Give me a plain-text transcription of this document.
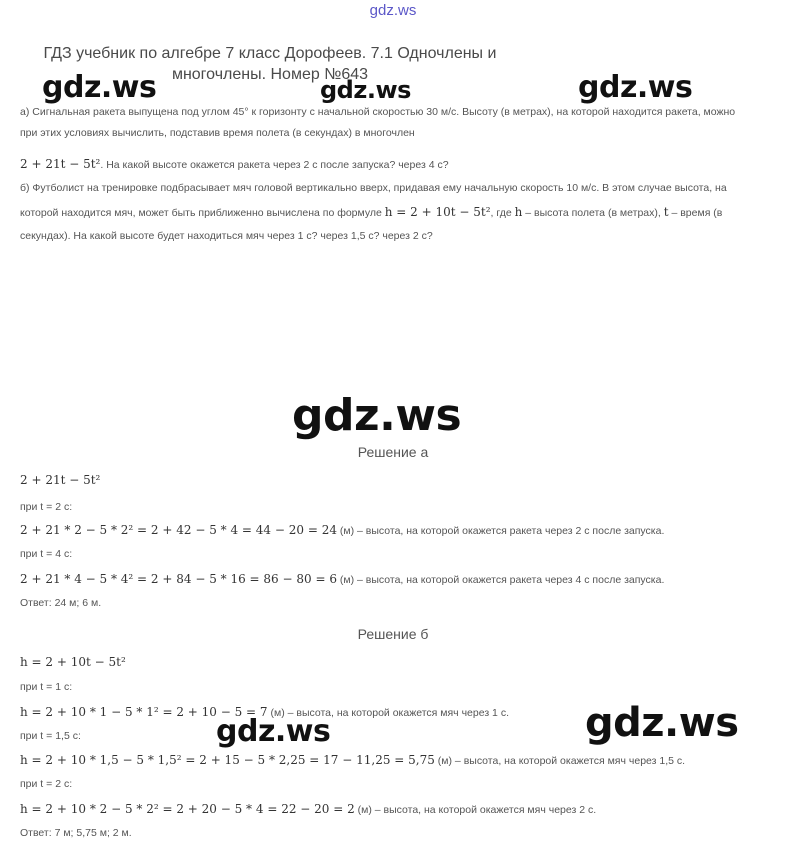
gdz.ws
ГДЗ учебник по алгебре 7 класс Дорофеев. 7.1 Одночлены и
многочлены. Номер №643
gdz.ws	gdz.ws	gdz.ws
а) Сигнальная ракета выпущена под углом 45° к горизонту с начальной скоростью 30 м/с. Высоту (в метрах), на которой находится ракета, можно
при этих условиях вычислить, подставив время полета (в секундах) в многочлен
2 + 21t − 5t². На какой высоте окажется ракета через 2 с после запуска? через 4 с?
б) Футболист на тренировке подбрасывает мяч головой вертикально вверх, придавая ему начальную скорость 10 м/с. В этом случае высота, на
которой находится мяч, может быть приближенно вычислена по формуле h = 2 + 10t − 5t², где h – высота полета (в метрах), t – время (в
секундах). На какой высоте будет находиться мяч через 1 с? через 1,5 с? через 2 с?
gdz.ws
Решение а
2 + 21t − 5t²
при t = 2 с:
2 + 21 * 2 − 5 * 2² = 2 + 42 − 5 * 4 = 44 − 20 = 24 (м) – высота, на которой окажется ракета через 2 с после запуска.
при t = 4 с:
2 + 21 * 4 − 5 * 4² = 2 + 84 − 5 * 16 = 86 − 80 = 6 (м) – высота, на которой окажется ракета через 4 с после запуска.
Ответ: 24 м; 6 м.
Решение б
h = 2 + 10t − 5t²
при t = 1 с:
h = 2 + 10 * 1 − 5 * 1² = 2 + 10 − 5 = 7 (м) – высота, на которой окажется мяч через 1 с.
при t = 1,5 с:
h = 2 + 10 * 1,5 − 5 * 1,5² = 2 + 15 − 5 * 2,25 = 17 − 11,25 = 5,75 (м) – высота, на которой окажется мяч через 1,5 с.
при t = 2 с:
h = 2 + 10 * 2 − 5 * 2² = 2 + 20 − 5 * 4 = 22 − 20 = 2 (м) – высота, на которой окажется мяч через 2 с.
Ответ: 7 м; 5,75 м; 2 м.
gdz.ws	gdz.ws
